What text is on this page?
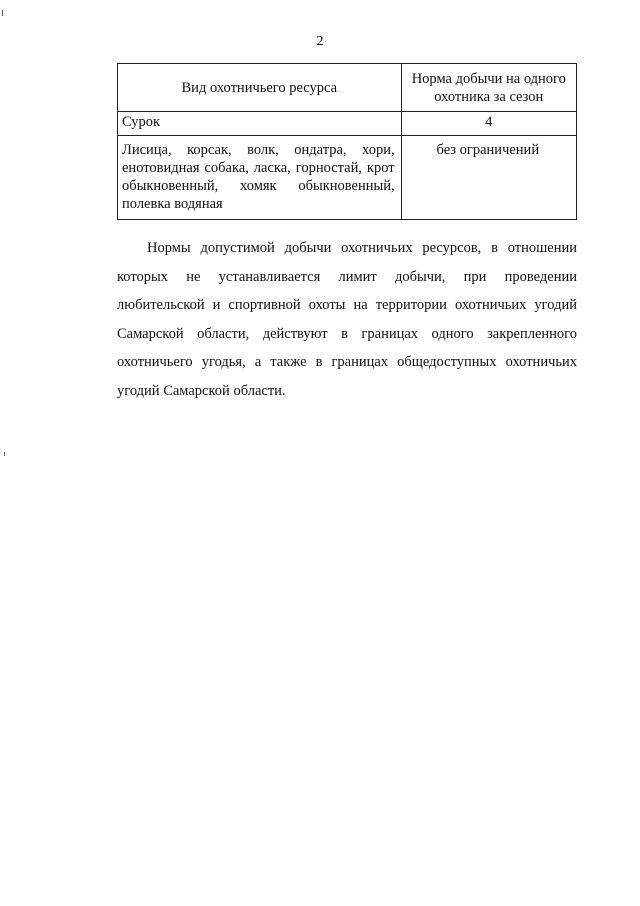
2
Вид охотничьего ресурса	Норма добычи на одного охотника за сезон
Сурок	4
Лисица, корсак, волк, ондатра, хори, енотовидная собака, ласка, горностай, крот обыкновенный, хомяк обыкновенный, полевка водяная	без ограничений

Нормы допустимой добычи охотничьих ресурсов, в отношении которых не устанавливается лимит добычи, при проведении любительской и спортивной охоты на территории охотничьих угодий Самарской области, действуют в границах одного закрепленного охотничьего угодья, а также в границах общедоступных охотничьих угодий Самарской области.
